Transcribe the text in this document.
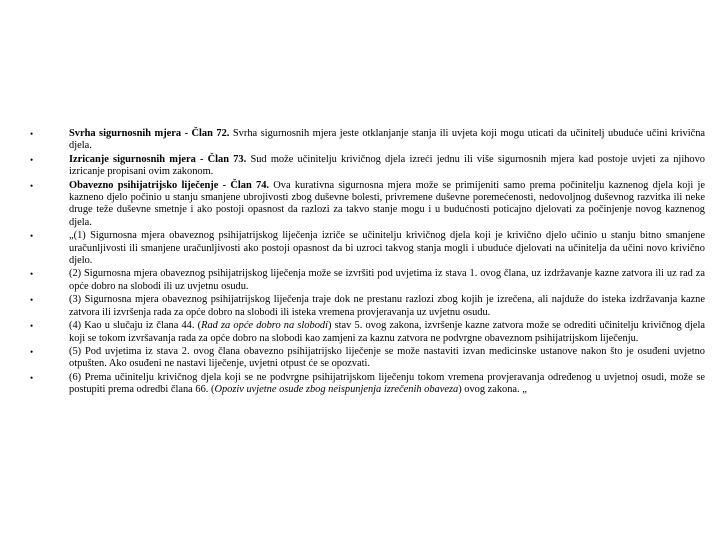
•	Svrha sigurnosnih mjera - Član 72. Svrha sigurnosnih mjera jeste otklanjanje stanja ili uvjeta koji mogu uticati da učinitelj ubuduće učini krivična djela.
•	Izricanje sigurnosnih mjera - Član 73. Sud može učinitelju krivičnog djela izreći jednu ili više sigurnosnih mjera kad postoje uvjeti za njihovo izricanje propisani ovim zakonom.
•	Obavezno psihijatrijsko liječenje - Član 74. Ova kurativna sigurnosna mjera može se primijeniti samo prema počinitelju kaznenog djela koji je kazneno djelo počinio u stanju smanjene ubrojivosti zbog duševne bolesti, privremene duševne poremećenosti, nedovoljnog duševnog razvitka ili neke druge teže duševne smetnje i ako postoji opasnost da razlozi za takvo stanje mogu i u budućnosti poticajno djelovati za počinjenje novog kaznenog djela.
•	„(1) Sigurnosna mjera obaveznog psihijatrijskog liječenja izriče se učinitelju krivičnog djela koji je krivično djelo učinio u stanju bitno smanjene uračunljivosti ili smanjene uračunljivosti ako postoji opasnost da bi uzroci takvog stanja mogli i ubuduće djelovati na učinitelja da učini novo krivično djelo.
•	(2) Sigurnosna mjera obaveznog psihijatrijskog liječenja može se izvršiti pod uvjetima iz stava 1. ovog člana, uz izdržavanje kazne zatvora ili uz rad za opće dobro na slobodi ili uz uvjetnu osudu.
•	(3) Sigurnosna mjera obaveznog psihijatrijskog liječenja traje dok ne prestanu razlozi zbog kojih je izrečena, ali najduže do isteka izdržavanja kazne zatvora ili izvršenja rada za opće dobro na slobodi ili isteka vremena provjeravanja uz uvjetnu osudu.
•	(4) Kao u slučaju iz člana 44. (Rad za opće dobro na slobodi) stav 5. ovog zakona, izvršenje kazne zatvora može se odrediti učinitelju krivičnog djela koji se tokom izvršavanja rada za opće dobro na slobodi kao zamjeni za kaznu zatvora ne podvrgne obaveznom psihijatrijskom liječenju.
•	(5) Pod uvjetima iz stava 2. ovog člana obavezno psihijatrijsko liječenje se može nastaviti izvan medicinske ustanove nakon što je osuđeni uvjetno otpušten. Ako osuđeni ne nastavi liječenje, uvjetni otpust će se opozvati.
•	(6) Prema učinitelju krivičnog djela koji se ne podvrgne psihijatrijskom liječenju tokom vremena provjeravanja određenog u uvjetnoj osudi, može se postupiti prema odredbi člana 66. (Opoziv uvjetne osude zbog neispunjenja izrečenih obaveza) ovog zakona. „
